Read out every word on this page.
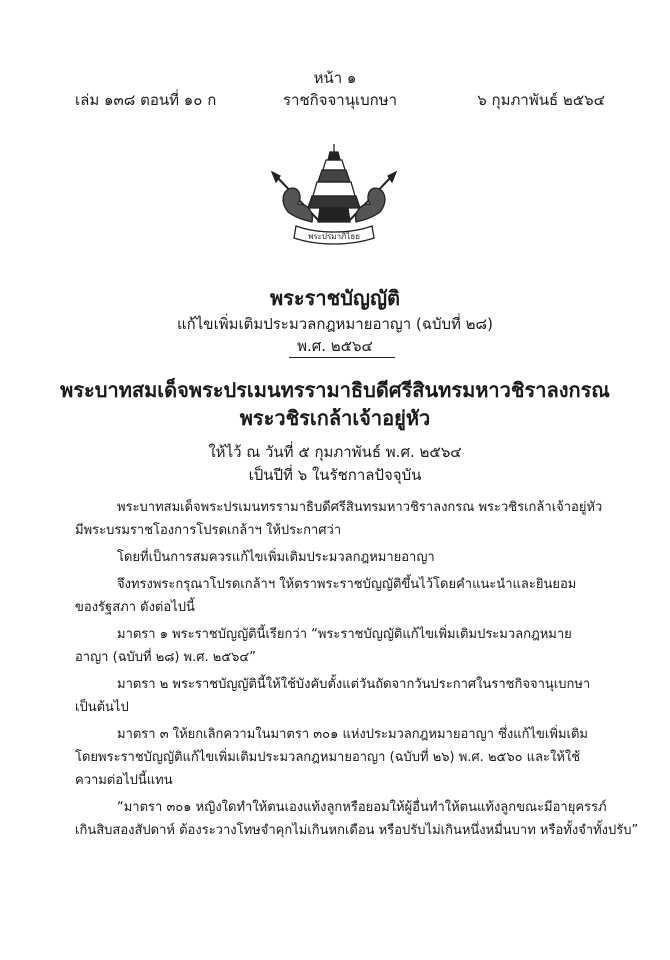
หน้า ๑
เล่ม ๑๓๘ ตอนที่ ๑๐ ก	ราชกิจจานุเบกษา	๖ กุมภาพันธ์ ๒๕๖๔
พระปรมาภิไธย
พระราชบัญญัติ
แก้ไขเพิ่มเติมประมวลกฎหมายอาญา (ฉบับที่ ๒๘)
พ.ศ. ๒๕๖๔
พระบาทสมเด็จพระปรเมนทรรามาธิบดีศรีสินทรมหาวชิราลงกรณ
พระวชิรเกล้าเจ้าอยู่หัว
ให้ไว้ ณ วันที่ ๕ กุมภาพันธ์ พ.ศ. ๒๕๖๔
เป็นปีที่ ๖ ในรัชกาลปัจจุบัน
พระบาทสมเด็จพระปรเมนทรรามาธิบดีศรีสินทรมหาวชิราลงกรณ พระวชิรเกล้าเจ้าอยู่หัว
มีพระบรมราชโองการโปรดเกล้าฯ ให้ประกาศว่า
โดยที่เป็นการสมควรแก้ไขเพิ่มเติมประมวลกฎหมายอาญา
จึงทรงพระกรุณาโปรดเกล้าฯ ให้ตราพระราชบัญญัติขึ้นไว้โดยคำแนะนำและยินยอม
ของรัฐสภา ดังต่อไปนี้
มาตรา ๑ พระราชบัญญัตินี้เรียกว่า “พระราชบัญญัติแก้ไขเพิ่มเติมประมวลกฎหมาย
อาญา (ฉบับที่ ๒๘) พ.ศ. ๒๕๖๔”
มาตรา ๒ พระราชบัญญัตินี้ให้ใช้บังคับตั้งแต่วันถัดจากวันประกาศในราชกิจจานุเบกษา
เป็นต้นไป
มาตรา ๓ ให้ยกเลิกความในมาตรา ๓๐๑ แห่งประมวลกฎหมายอาญา ซึ่งแก้ไขเพิ่มเติม
โดยพระราชบัญญัติแก้ไขเพิ่มเติมประมวลกฎหมายอาญา (ฉบับที่ ๒๖) พ.ศ. ๒๕๖๐ และให้ใช้
ความต่อไปนี้แทน
“มาตรา ๓๐๑ หญิงใดทำให้ตนเองแท้งลูกหรือยอมให้ผู้อื่นทำให้ตนแท้งลูกขณะมีอายุครรภ์
เกินสิบสองสัปดาห์ ต้องระวางโทษจำคุกไม่เกินหกเดือน หรือปรับไม่เกินหนึ่งหมื่นบาท หรือทั้งจำทั้งปรับ”
